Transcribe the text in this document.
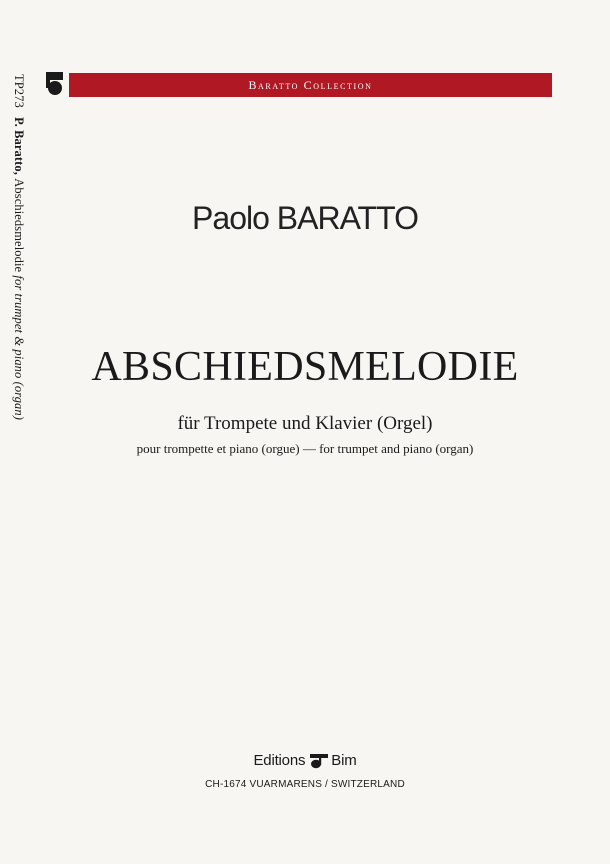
TP273 P. Baratto, Abschiedsmelodie for trumpet & piano (organ)
Baratto Collection
Paolo BARATTO
ABSCHIEDSMELODIE
für Trompete und Klavier (Orgel)
pour trompette et piano (orgue) — for trumpet and piano (organ)
Editions Bim
CH-1674 VUARMARENS / SWITZERLAND
